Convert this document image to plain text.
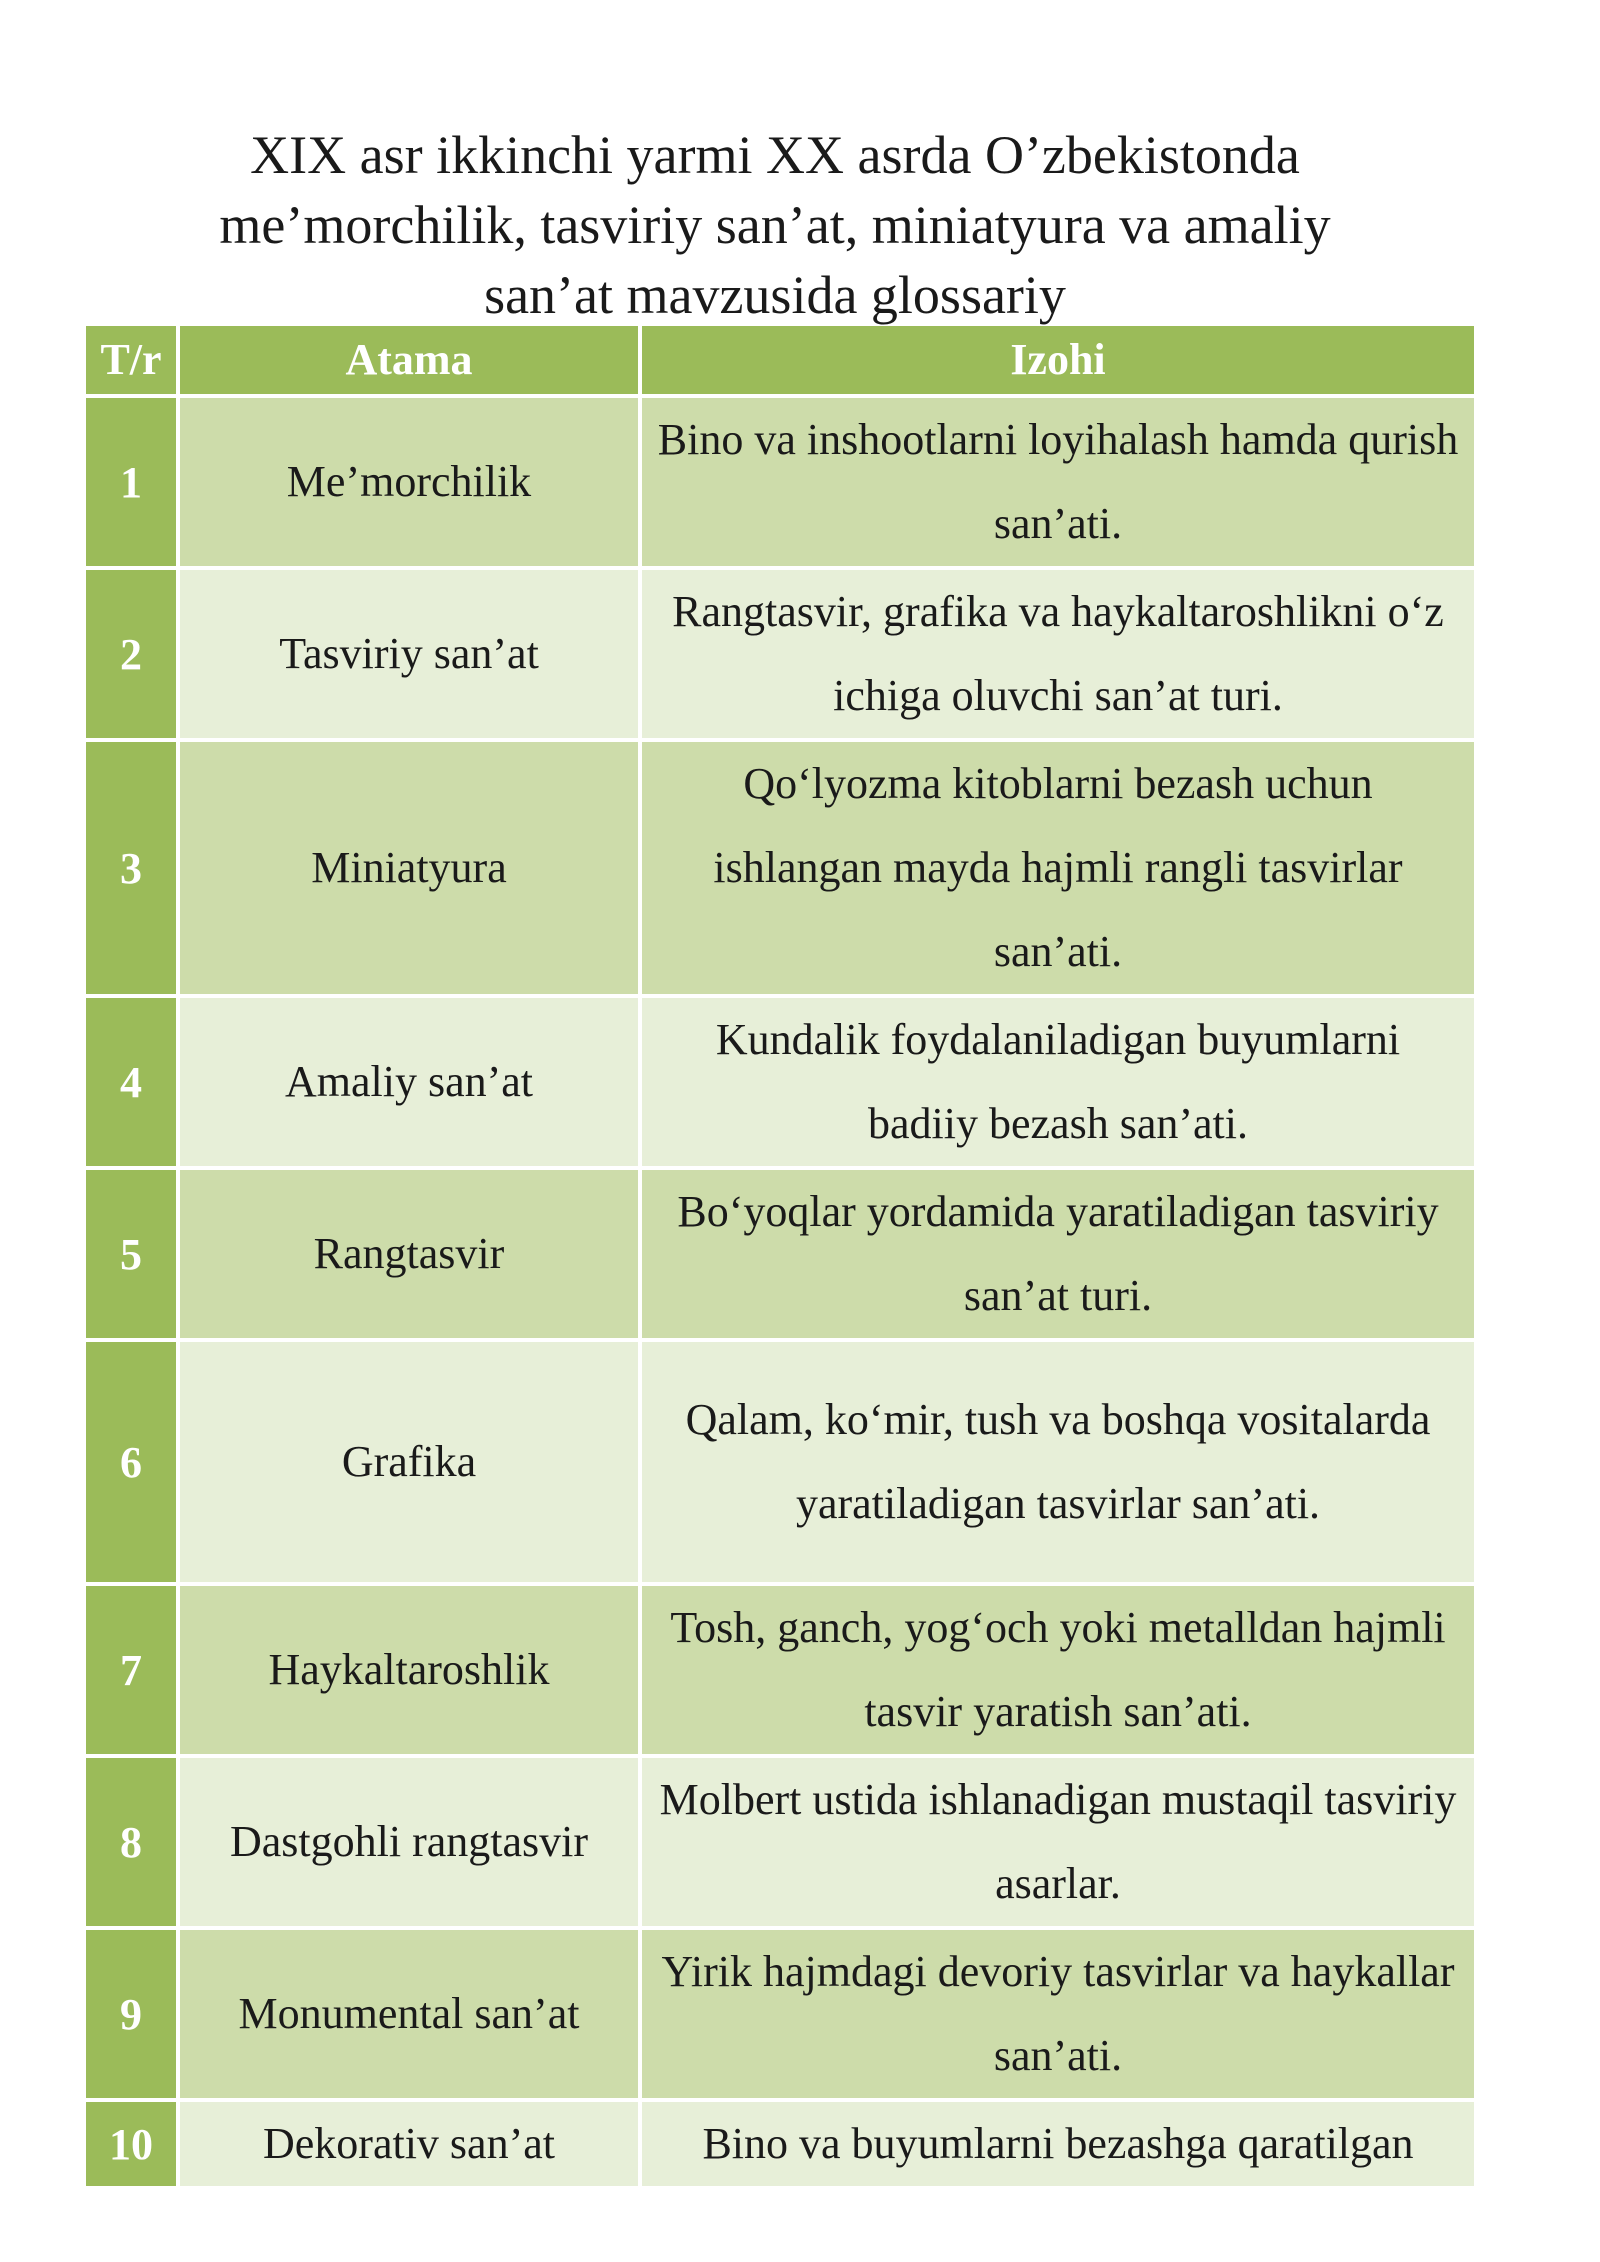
XIX asr ikkinchi yarmi XX asrda O’zbekistonda
me’morchilik, tasviriy san’at, miniatyura va amaliy
san’at mavzusida glossariy
T/r	Atama	Izohi
1	Me’morchilik	Bino va inshootlarni loyihalash hamda qurish san’ati.
2	Tasviriy san’at	Rangtasvir, grafika va haykaltaroshlikni o‘z ichiga oluvchi san’at turi.
3	Miniatyura	Qo‘lyozma kitoblarni bezash uchun ishlangan mayda hajmli rangli tasvirlar san’ati.
4	Amaliy san’at	Kundalik foydalaniladigan buyumlarni badiiy bezash san’ati.
5	Rangtasvir	Bo‘yoqlar yordamida yaratiladigan tasviriy san’at turi.
6	Grafika	Qalam, ko‘mir, tush va boshqa vositalarda yaratiladigan tasvirlar san’ati.
7	Haykaltaroshlik	Tosh, ganch, yog‘och yoki metalldan hajmli tasvir yaratish san’ati.
8	Dastgohli rangtasvir	Molbert ustida ishlanadigan mustaqil tasviriy asarlar.
9	Monumental san’at	Yirik hajmdagi devoriy tasvirlar va haykallar san’ati.
10	Dekorativ san’at	Bino va buyumlarni bezashga qaratilgan
